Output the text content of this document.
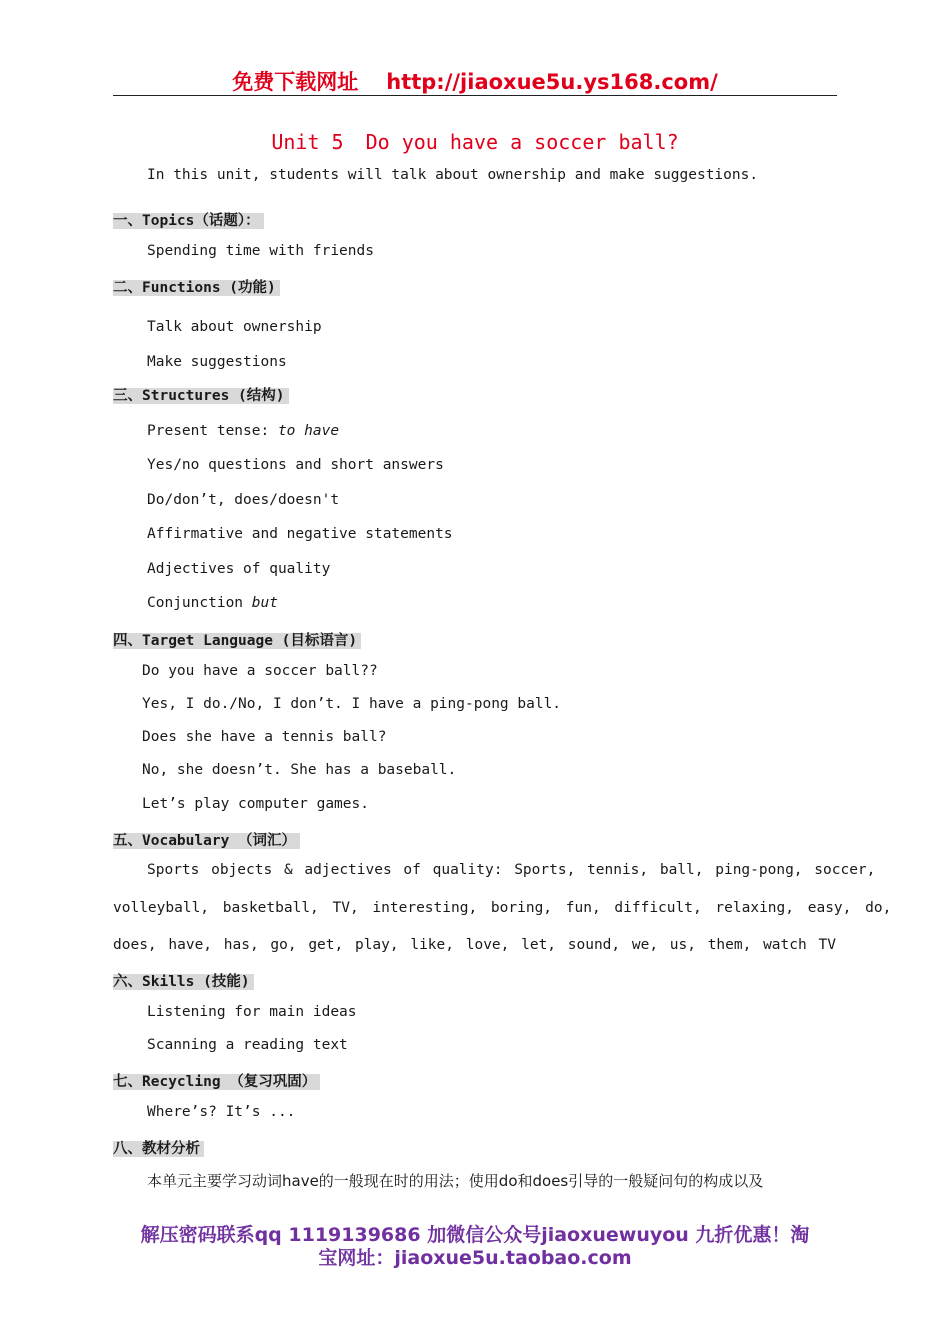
免费下载网址 http://jiaoxue5u.ys168.com/
Unit 5 Do you have a soccer ball?
In this unit, students will talk about ownership and make suggestions.
一、Topics（话题）：
Spending time with friends
二、Functions (功能)
Talk about ownership
Make suggestions
三、Structures (结构)
Present tense: to have
Yes/no questions and short answers
Do/don’t, does/doesn't
Affirmative and negative statements
Adjectives of quality
Conjunction but
四、Target Language (目标语言)
Do you have a soccer ball??
Yes, I do./No, I don’t. I have a ping-pong ball.
Does she have a tennis ball?
No, she doesn’t. She has a baseball.
Let’s play computer games.
五、Vocabulary （词汇）
Sports objects & adjectives of quality: Sports, tennis, ball, ping-pong, soccer,
volleyball, basketball, TV, interesting, boring, fun, difficult, relaxing, easy, do,
does, have, has, go, get, play, like, love, let, sound, we, us, them, watch TV
六、Skills (技能)
Listening for main ideas
Scanning a reading text
七、Recycling （复习巩固）
Where’s? It’s ...
八、教材分析
本单元主要学习动词have的一般现在时的用法；使用do和does引导的一般疑问句的构成以及
解压密码联系qq 1119139686 加微信公众号jiaoxuewuyou 九折优惠！淘
宝网址：jiaoxue5u.taobao.com
